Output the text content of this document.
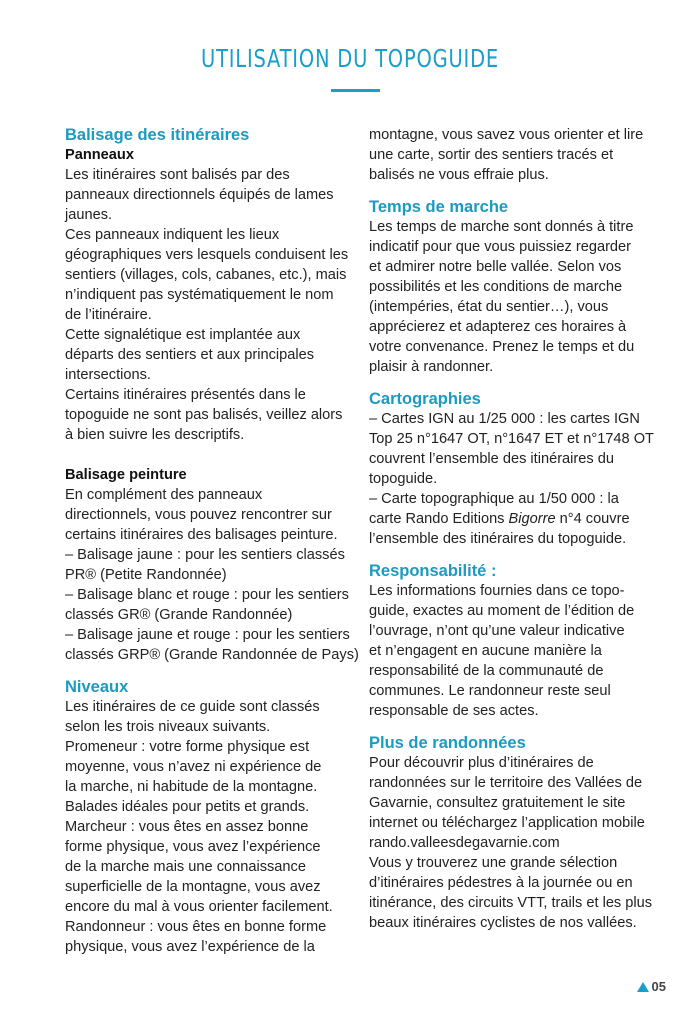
UTILISATION DU TOPOGUIDE
Balisage des itinéraires
Panneaux
Les itinéraires sont balisés par des
panneaux directionnels équipés de lames
jaunes.
Ces panneaux indiquent les lieux
géographiques vers lesquels conduisent les
sentiers (villages, cols, cabanes, etc.), mais
n’indiquent pas systématiquement le nom
de l’itinéraire.
Cette signalétique est implantée aux
départs des sentiers et aux principales
intersections.
Certains itinéraires présentés dans le
topoguide ne sont pas balisés, veillez alors
à bien suivre les descriptifs.
Balisage peinture
En complément des panneaux
directionnels, vous pouvez rencontrer sur
certains itinéraires des balisages peinture.
– Balisage jaune : pour les sentiers classés
PR® (Petite Randonnée)
– Balisage blanc et rouge : pour les sentiers
classés GR® (Grande Randonnée)
– Balisage jaune et rouge : pour les sentiers
classés GRP® (Grande Randonnée de Pays)
Niveaux
Les itinéraires de ce guide sont classés
selon les trois niveaux suivants.
Promeneur : votre forme physique est
moyenne, vous n’avez ni expérience de
la marche, ni habitude de la montagne.
Balades idéales pour petits et grands.
Marcheur : vous êtes en assez bonne
forme physique, vous avez l’expérience
de la marche mais une connaissance
superficielle de la montagne, vous avez
encore du mal à vous orienter facilement.
Randonneur : vous êtes en bonne forme
physique, vous avez l’expérience de la
montagne, vous savez vous orienter et lire
une carte, sortir des sentiers tracés et
balisés ne vous effraie plus.
Temps de marche
Les temps de marche sont donnés à titre
indicatif pour que vous puissiez regarder
et admirer notre belle vallée. Selon vos
possibilités et les conditions de marche
(intempéries, état du sentier…), vous
apprécierez et adapterez ces horaires à
votre convenance. Prenez le temps et du
plaisir à randonner.
Cartographies
– Cartes IGN au 1/25 000 : les cartes IGN
Top 25 n°1647 OT, n°1647 ET et n°1748 OT
couvrent l’ensemble des itinéraires du
topoguide.
– Carte topographique au 1/50 000 : la
carte Rando Editions Bigorre n°4 couvre
l’ensemble des itinéraires du topoguide.
Responsabilité :
Les informations fournies dans ce topo-
guide, exactes au moment de l’édition de
l’ouvrage, n’ont qu’une valeur indicative
et n’engagent en aucune manière la
responsabilité de la communauté de
communes. Le randonneur reste seul
responsable de ses actes.
Plus de randonnées
Pour découvrir plus d’itinéraires de
randonnées sur le territoire des Vallées de
Gavarnie, consultez gratuitement le site
internet ou téléchargez l’application mobile
rando.valleesdegavarnie.com
Vous y trouverez une grande sélection
d’itinéraires pédestres à la journée ou en
itinérance, des circuits VTT, trails et les plus
beaux itinéraires cyclistes de nos vallées.
05
